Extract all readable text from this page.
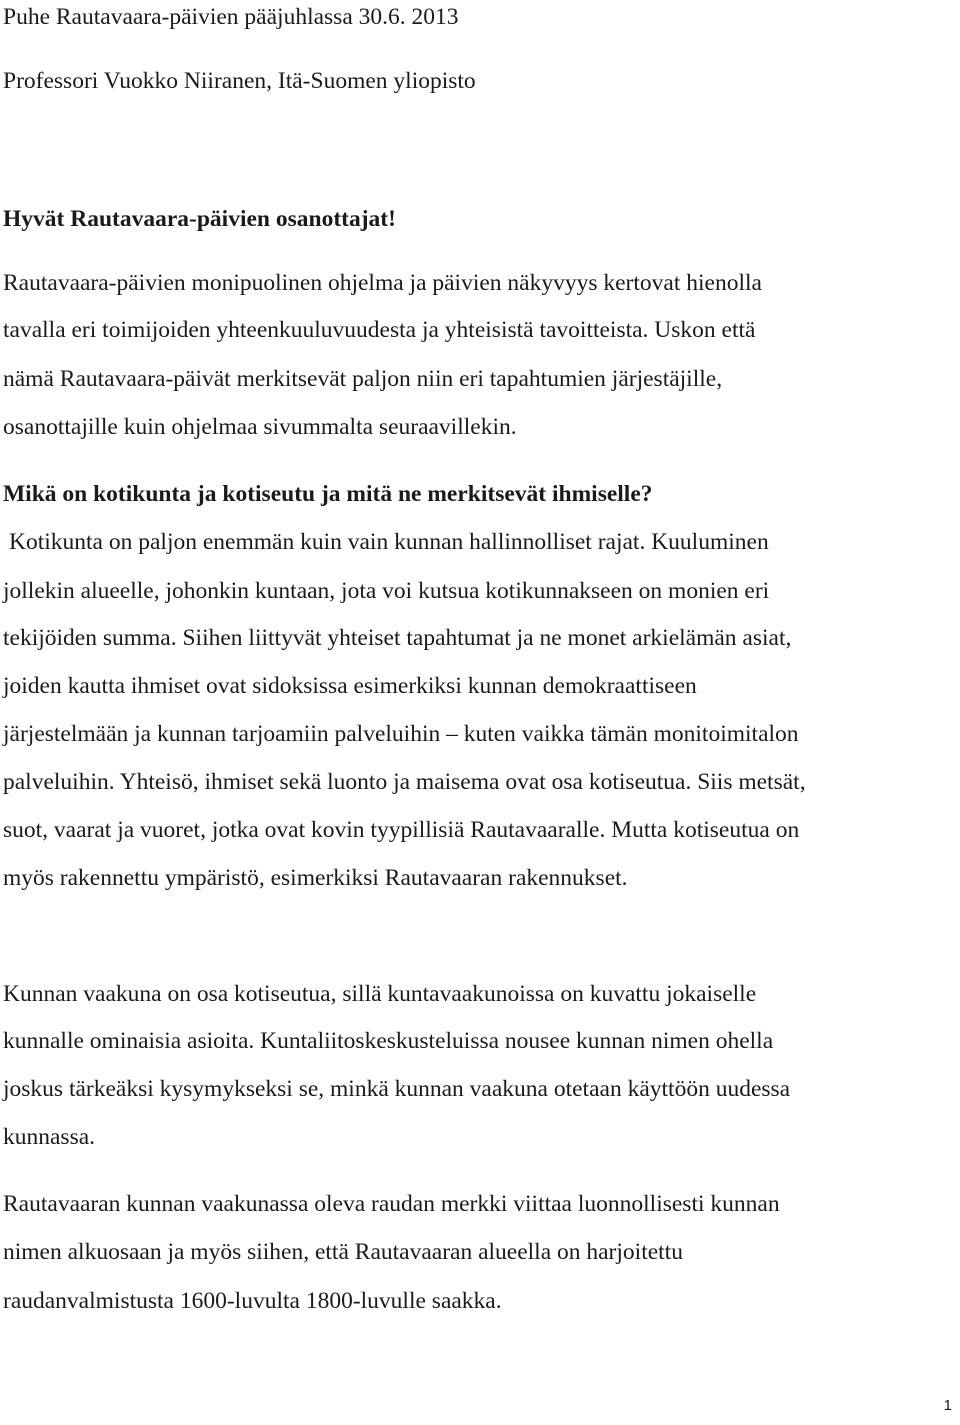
Puhe Rautavaara-päivien pääjuhlassa 30.6. 2013

Professori Vuokko Niiranen, Itä-Suomen yliopisto

Hyvät Rautavaara-päivien osanottajat!

Rautavaara-päivien monipuolinen ohjelma ja päivien näkyvyys kertovat hienolla

tavalla eri toimijoiden yhteenkuuluvuudesta ja yhteisistä tavoitteista. Uskon että

nämä Rautavaara-päivät merkitsevät paljon niin eri tapahtumien järjestäjille,

osanottajille kuin ohjelmaa sivummalta seuraavillekin.

Mikä on kotikunta ja kotiseutu ja mitä ne merkitsevät ihmiselle?

Kotikunta on paljon enemmän kuin vain kunnan hallinnolliset rajat. Kuuluminen

jollekin alueelle, johonkin kuntaan, jota voi kutsua kotikunnakseen on monien eri

tekijöiden summa. Siihen liittyvät yhteiset tapahtumat ja ne monet arkielämän asiat,

joiden kautta ihmiset ovat sidoksissa esimerkiksi kunnan demokraattiseen

järjestelmään ja kunnan tarjoamiin palveluihin – kuten vaikka tämän monitoimitalon

palveluihin. Yhteisö, ihmiset sekä luonto ja maisema ovat osa kotiseutua. Siis metsät,

suot, vaarat ja vuoret, jotka ovat kovin tyypillisiä Rautavaaralle. Mutta kotiseutua on

myös rakennettu ympäristö, esimerkiksi Rautavaaran rakennukset.

Kunnan vaakuna on osa kotiseutua, sillä kuntavaakunoissa on kuvattu jokaiselle

kunnalle ominaisia asioita. Kuntaliitoskeskusteluissa nousee kunnan nimen ohella

joskus tärkeäksi kysymykseksi se, minkä kunnan vaakuna otetaan käyttöön uudessa

kunnassa.

Rautavaaran kunnan vaakunassa oleva raudan merkki viittaa luonnollisesti kunnan

nimen alkuosaan ja myös siihen, että Rautavaaran alueella on harjoitettu

raudanvalmistusta 1600-luvulta 1800-luvulle saakka.

1
